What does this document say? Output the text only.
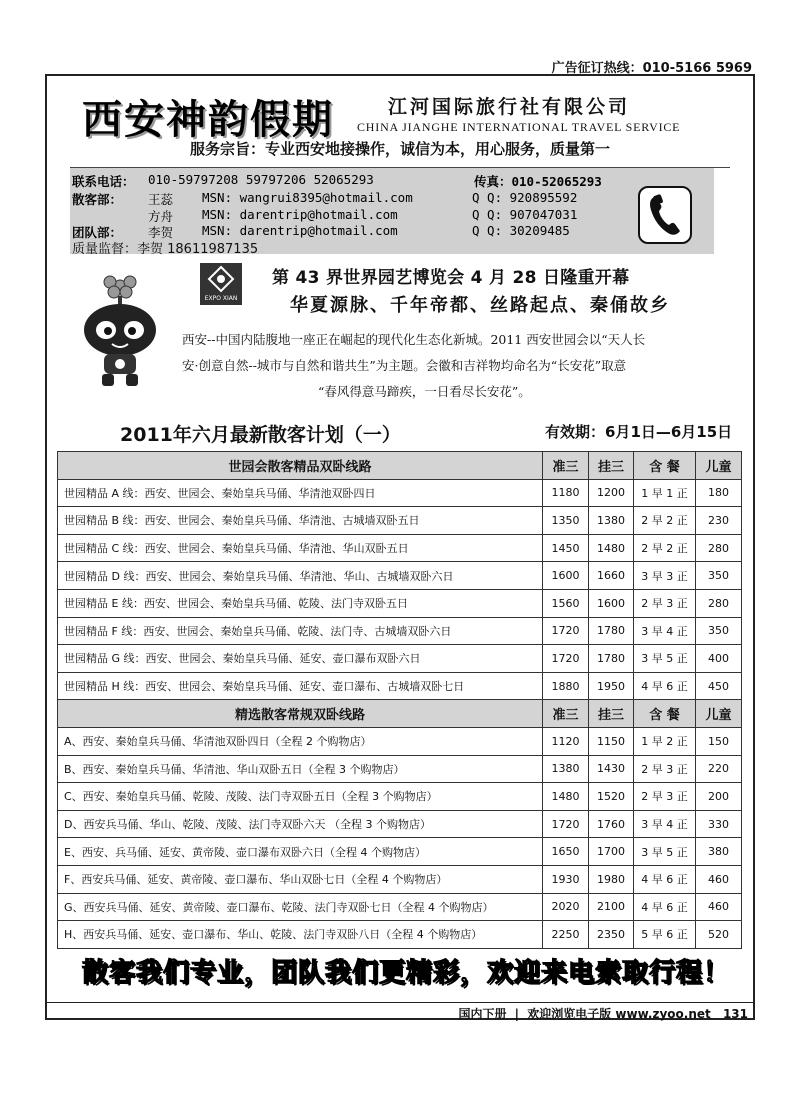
广告征订热线：010-5166 5969
西安神韵假期	江河国际旅行社有限公司
CHINA JIANGHE INTERNATIONAL TRAVEL SERVICE
服务宗旨：专业西安地接操作，诚信为本，用心服务，质量第一
联系电话： 010-59797208 59797206 52065293	传真：010-52065293
散客部： 王蕊 MSN: wangrui8395@hotmail.com	Q Q: 920895592
方舟 MSN: darentrip@hotmail.com	Q Q: 907047031
团队部： 李贺 MSN: darentrip@hotmail.com	Q Q: 30209485
质量监督：李贺 18611987135
EXPO XIAN
第 43 界世界园艺博览会 4 月 28 日隆重开幕
华夏源脉、千年帝都、丝路起点、秦俑故乡
西安--中国内陆腹地一座正在崛起的现代化生态化新城。2011 西安世园会以“天人长
安·创意自然--城市与自然和谐共生”为主题。会徽和吉祥物均命名为“长安花”取意
“春风得意马蹄疾，一日看尽长安花”。
2011年六月最新散客计划（一）	有效期：6月1日—6月15日
世园会散客精品双卧线路	准三	挂三	含 餐	儿童
世园精品 A 线：西安、世园会、秦始皇兵马俑、华清池双卧四日	1180	1200	1 早 1 正	180
世园精品 B 线：西安、世园会、秦始皇兵马俑、华清池、古城墙双卧五日	1350	1380	2 早 2 正	230
世园精品 C 线：西安、世园会、秦始皇兵马俑、华清池、华山双卧五日	1450	1480	2 早 2 正	280
世园精品 D 线：西安、世园会、秦始皇兵马俑、华清池、华山、古城墙双卧六日	1600	1660	3 早 3 正	350
世园精品 E 线：西安、世园会、秦始皇兵马俑、乾陵、法门寺双卧五日	1560	1600	2 早 3 正	280
世园精品 F 线：西安、世园会、秦始皇兵马俑、乾陵、法门寺、古城墙双卧六日	1720	1780	3 早 4 正	350
世园精品 G 线：西安、世园会、秦始皇兵马俑、延安、壶口瀑布双卧六日	1720	1780	3 早 5 正	400
世园精品 H 线：西安、世园会、秦始皇兵马俑、延安、壶口瀑布、古城墙双卧七日	1880	1950	4 早 6 正	450
精选散客常规双卧线路	准三	挂三	含 餐	儿童
A、西安、秦始皇兵马俑、华清池双卧四日（全程 2 个购物店）	1120	1150	1 早 2 正	150
B、西安、秦始皇兵马俑、华清池、华山双卧五日（全程 3 个购物店）	1380	1430	2 早 3 正	220
C、西安、秦始皇兵马俑、乾陵、茂陵、法门寺双卧五日（全程 3 个购物店）	1480	1520	2 早 3 正	200
D、西安兵马俑、华山、乾陵、茂陵、法门寺双卧六天 （全程 3 个购物店）	1720	1760	3 早 4 正	330
E、西安、兵马俑、延安、黄帝陵、壶口瀑布双卧六日（全程 4 个购物店）	1650	1700	3 早 5 正	380
F、西安兵马俑、延安、黄帝陵、壶口瀑布、华山双卧七日（全程 4 个购物店）	1930	1980	4 早 6 正	460
G、西安兵马俑、延安、黄帝陵、壶口瀑布、乾陵、法门寺双卧七日（全程 4 个购物店）	2020	2100	4 早 6 正	460
H、西安兵马俑、延安、壶口瀑布、华山、乾陵、法门寺双卧八日（全程 4 个购物店）	2250	2350	5 早 6 正	520
散客我们专业，团队我们更精彩，欢迎来电索取行程！
国内下册 | 欢迎浏览电子版 www.zyoo.net 131
